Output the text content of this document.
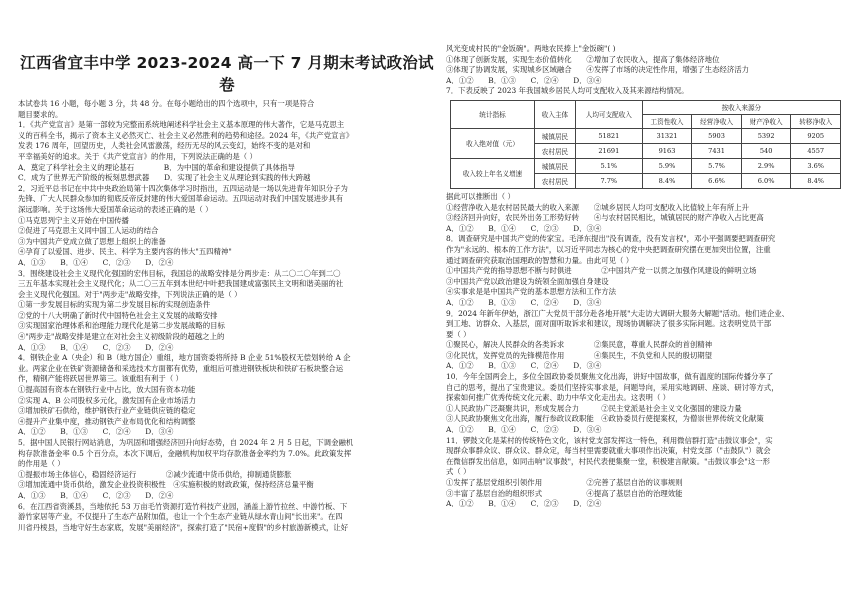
江西省宜丰中学 2023-2024 高一下 7 月期末考试政治试卷
本试卷共 16 小题，每小题 3 分，共 48 分。在每小题给出的四个选项中，只有一项是符合
题目要求的。
1．《共产党宣言》是第一部较为完整而系统地阐述科学社会主义基本原理的伟大著作，它是马克思主
义的百科全书，揭示了资本主义必然灭亡、社会主义必然胜利的趋势和途径。2024 年，《共产党宣言》
发表 176 周年，回望历史，人类社会风雷激荡，经历无尽的风云变幻，始终不变的是对和
平幸福美好的追求。关于《共产党宣言》的作用，下列说法正确的是（ ）
A．奠定了科学社会主义的理论基石　　　　B．为中国的革命和建设提供了具体指导
C．成为了世界无产阶级的板刻思想武器　　D．实现了社会主义从理论到实践的伟大跨越
2．习近平总书记在中共中央政治局第十四次集体学习时指出，五四运动是一场以先进青年知识分子为
先锋、广大人民群众参加的彻底反帝反封建的伟大爱国革命运动。五四运动对我们中国发展进步具有
深远影响。关于这场伟大爱国革命运动的表述正确的是（ ）
①马克思列宁主义开始在中国传播
②促进了马克思主义同中国工人运动的结合
③为中国共产党成立做了思想上组织上的准备
④孕育了以爱国、进步、民主、科学为主要内容的伟大"五四精神"
A．①③　　B．①④　　C．②③　　D．②④
3．围绕建设社会主义现代化强国的宏伟目标，我国总的战略安排是分两步走：从二〇二〇年到二〇
三五年基本实现社会主义现代化；从二〇三五年到本世纪中叶把我国建成富强民主文明和谐美丽的社
会主义现代化强国。对于"两步走"战略安排，下列说法正确的是（ ）
①第一步发展目标的实现为第二步发展目标的实现创造条件
②党的十八大明确了新时代中国特色社会主义发展的战略安排
③实现国家治理体系和治理能力现代化是第二步发展战略的目标
④"两步走"战略安排是建立在对社会主义初级阶段的超越之上的
A．①③　　B．①④　　C．②③　　D．②④
4．钢铁企业 A（央企）和 B（地方国企）重组，地方国资委将所持 B 企业 51%股权无偿划转给 A 企
业。两家企业在铁矿资源储备和采选技术方面都有优势，重组后可推进钢铁板块和铁矿石板块整合运
作，精钢产能将跃居世界第三。该重组有利于（ ）
①提高国有资本在钢铁行业中占比，放大国有资本功能
②实现 A、B 公司股权多元化，激发国有企业市场活力
③增加铁矿石供给，维护钢铁行业产业链供应链的稳定
④提升产业集中度，推动钢铁产业布局优化和结构调整
A．①②　　B．①③　　C．②④　　D．③④
5．据中国人民银行网站消息，为巩固和增强经济回升向好态势，自 2024 年 2 月 5 日起，下调金融机
构存款准备金率 0.5 个百分点，本次下调后，金融机构加权平均存款准备金率约为 7.0%。此政策发挥
的作用是（ ）
①提振市场主体信心，稳固经济运行　　　　②减少流通中货币供给，抑制通货膨胀
③增加流通中货币供给，激发企业投资积极性　④实施积极的财政政策，保持经济总量平衡
A．①③　　B．①④　　C．②③　　D．②④
6．在江西省资溪县，当地依托 53 万亩毛竹资源打造竹科技产业园，涵盖上游竹拉丝、中游竹板、下
游竹家居等产业，不仅提升了生态产品附加值，也让一个个生态产业链从绿水青山间"长出来"。在四
川省丹棱县，当地守好生态家底，发展"美丽经济"，探索打造了"民宿+度假"的乡村旅游新模式，让好
风光变成村民的"金饭碗"。两地农民捧上"金饭碗"( )
①体现了创新发展，实现生态价值转化　　②增加了农民收入，提高了集体经济地位
③体现了协调发展，实现城乡区域融合　　④发挥了市场的决定性作用，增强了生态经济活力
A．①②　　B．①③　　C．②④　　D．③④
7．下表反映了 2023 年我国城乡居民人均可支配收入及其来源结构情况。
统计指标	收入主体	人均可支配收入	按收入来源分			
			工资性收入	经营净收入	财产净收入	转移净收入
收入绝对值（元）	城镇居民	51821	31321	5903	5392	9205
	农村居民	21691	9163	7431	540	4557
收入较上年名义增速	城镇居民	5.1%	5.9%	5.7%	2.9%	3.6%
	农村居民	7.7%	8.4%	6.6%	6.0%	8.4%
据此可以推断出（ ）
①经营净收入是农村居民最大的收入来源　　②城乡居民人均可支配收入比值较上年有所上升
③经济回升向好，农民外出务工形势好转　　④与农村居民相比，城镇居民的财产净收入占比更高
A．①②　　B．①④　　C．②③　　D．③④
8．调查研究是中国共产党的传家宝。毛泽东提出"没有调查，没有发言权"，邓小平强调要把调查研究
作为"永远的、根本的工作方法"，以习近平同志为核心的党中央把调查研究摆在更加突出位置，注重
通过调查研究获取治国理政的智慧和力量。由此可见（ ）
①中国共产党的指导思想不断与时俱进　　　　②中国共产党一以贯之加强作风建设的鲜明立场
③中国共产党以政治建设为统领全面加强自身建设
④实事求是是中国共产党的基本思想方法和工作方法
A．①②　　B．①③　　C．②④　　D．③④
9．2024 年新年伊始，浙江广大党员干部分赴各地开展"大走访大调研大服务大解题"活动。他们进企业、
到工地、访群众、入基层，面对面听取诉求和建议，现场协调解决了很多实际问题。这表明党员干部
要（ ）
①聚民心，解决人民群众的各类诉求　　　　②集民意，尊重人民群众的首创精神
③化民忧，发挥党员的先锋模范作用　　　　④集民生，不负党和人民的殷切期望
A．①②　　B．①③　　C．②④　　D．③④
10．今年全国两会上，多位全国政协委员聚焦文化出海，讲好中国故事，做有温度的国际传播分享了
自己的思考，提出了宝贵建议。委员们坚持实事求是，问题导向，采用实地调研、座谈、研讨等方式，
探索如何推广优秀传统文化元素、助力中华文化走出去。这表明（ ）
①人民政协广泛凝聚共识，形成发展合力　　　②民主党派是社会主义文化强国的建设力量
③人民政协聚焦文化出海，履行参政议政职能　④政协委员行使提案权，为僧崇世界传统文化献策
A．①②　　B．①④　　C．②③　　D．③④
11．锣鼓文化是某村的传统特色文化，该村党支部发挥这一特色，利用微信群打造"击鼓议事会"，实
现群众事群众议、群众议、群众定，每当村里需要就重大事项作出决策，村党支部（"击鼓队"）就会
在微信群发出信息，如同击响"议事鼓"，村民代表便集聚一堂，积极建言献策。"击鼓议事会"这一形
式（ ）
①发挥了基层党组织引领作用　　　　　　②完善了基层自治的议事规则
③丰富了基层自治的组织形式　　　　　　④提高了基层自治的治理效能
A．①②　　B．①④　　C．②③　　D．②④
